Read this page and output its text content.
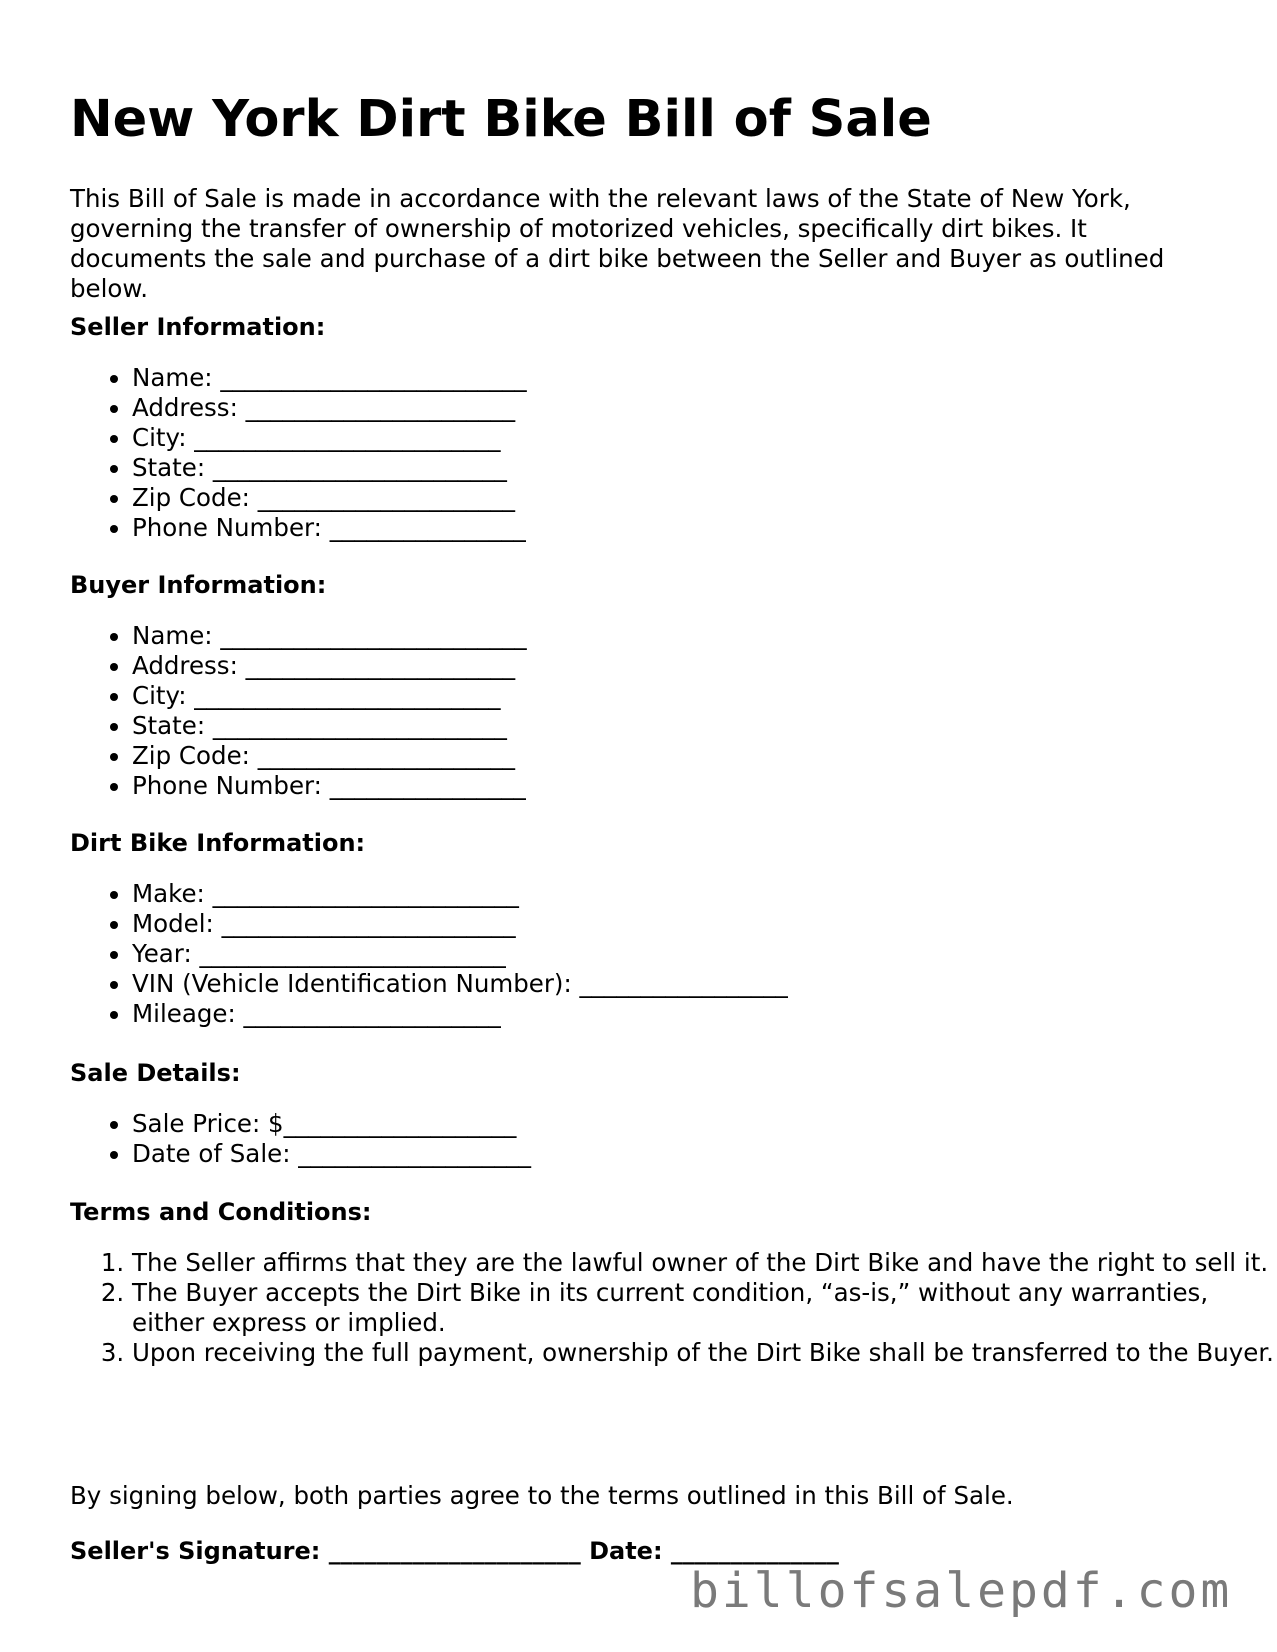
New York Dirt Bike Bill of Sale

This Bill of Sale is made in accordance with the relevant laws of the State of New York, governing the transfer of ownership of motorized vehicles, specifically dirt bikes. It documents the sale and purchase of a dirt bike between the Seller and Buyer as outlined below.

Seller Information:

• Name: _________________________
• Address: ______________________
• City: _________________________
• State: ________________________
• Zip Code: _____________________
• Phone Number: ________________

Buyer Information:

• Name: _________________________
• Address: ______________________
• City: _________________________
• State: ________________________
• Zip Code: _____________________
• Phone Number: ________________

Dirt Bike Information:

• Make: _________________________
• Model: ________________________
• Year: _________________________
• VIN (Vehicle Identification Number): _________________
• Mileage: _____________________

Sale Details:

• Sale Price: $___________________
• Date of Sale: ___________________

Terms and Conditions:

1. The Seller affirms that they are the lawful owner of the Dirt Bike and have the right to sell it.
2. The Buyer accepts the Dirt Bike in its current condition, “as-is,” without any warranties, either express or implied.
3. Upon receiving the full payment, ownership of the Dirt Bike shall be transferred to the Buyer.

By signing below, both parties agree to the terms outlined in this Bill of Sale.

Seller's Signature: _____________________ Date: ______________

billofsalepdf.com
